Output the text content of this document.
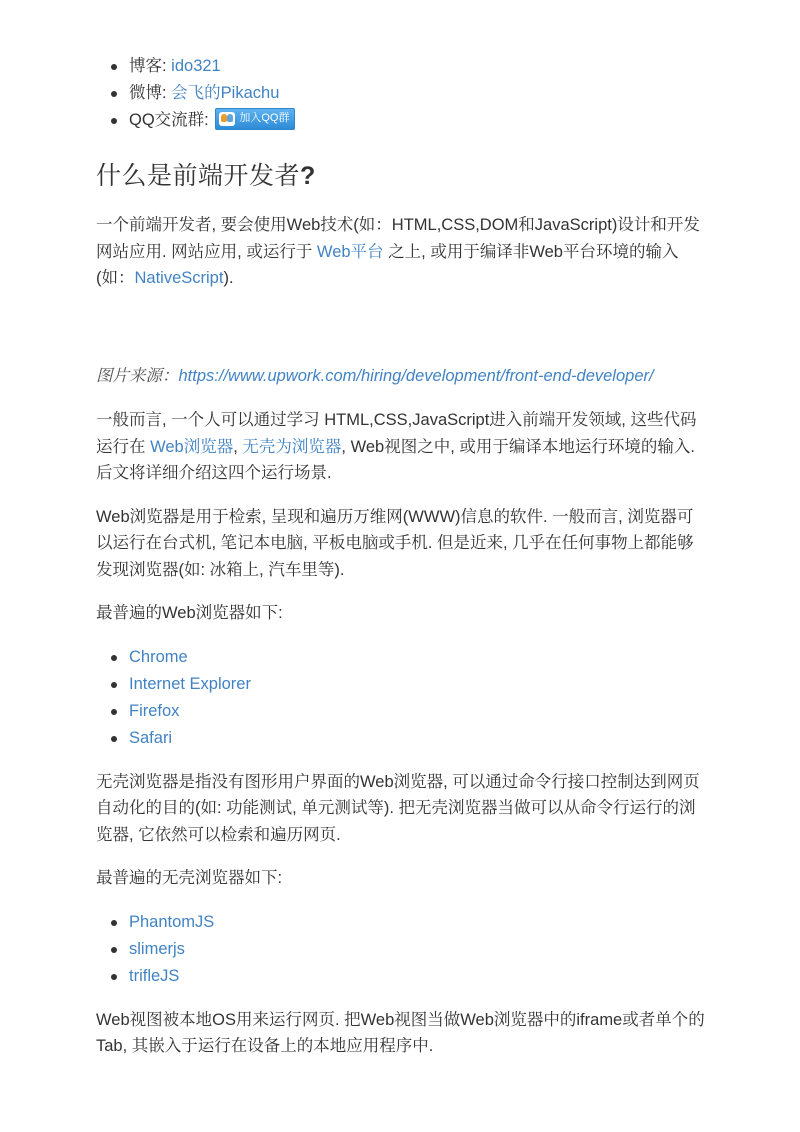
博客: ido321
微博: 会飞的Pikachu
QQ交流群: 加入QQ群
什么是前端开发者?

一个前端开发者, 要会使用Web技术(如：HTML,CSS,DOM和JavaScript)设计和开发网站应用. 网站应用, 或运行于 Web平台 之上, 或用于编译非Web平台环境的输入(如：NativeScript).

图片来源：https://www.upwork.com/hiring/development/front-end-developer/

一般而言, 一个人可以通过学习 HTML,CSS,JavaScript进入前端开发领域, 这些代码运行在 Web浏览器, 无壳为浏览器, Web视图之中, 或用于编译本地运行环境的输入. 后文将详细介绍这四个运行场景.

Web浏览器是用于检索, 呈现和遍历万维网(WWW)信息的软件. 一般而言, 浏览器可以运行在台式机, 笔记本电脑, 平板电脑或手机. 但是近来, 几乎在任何事物上都能够发现浏览器(如: 冰箱上, 汽车里等).

最普遍的Web浏览器如下:

Chrome
Internet Explorer
Firefox
Safari

无壳浏览器是指没有图形用户界面的Web浏览器, 可以通过命令行接口控制达到网页自动化的目的(如: 功能测试, 单元测试等). 把无壳浏览器当做可以从命令行运行的浏览器, 它依然可以检索和遍历网页.

最普遍的无壳浏览器如下:

PhantomJS
slimerjs
trifleJS

Web视图被本地OS用来运行网页. 把Web视图当做Web浏览器中的iframe或者单个的Tab, 其嵌入于运行在设备上的本地应用程序中.
